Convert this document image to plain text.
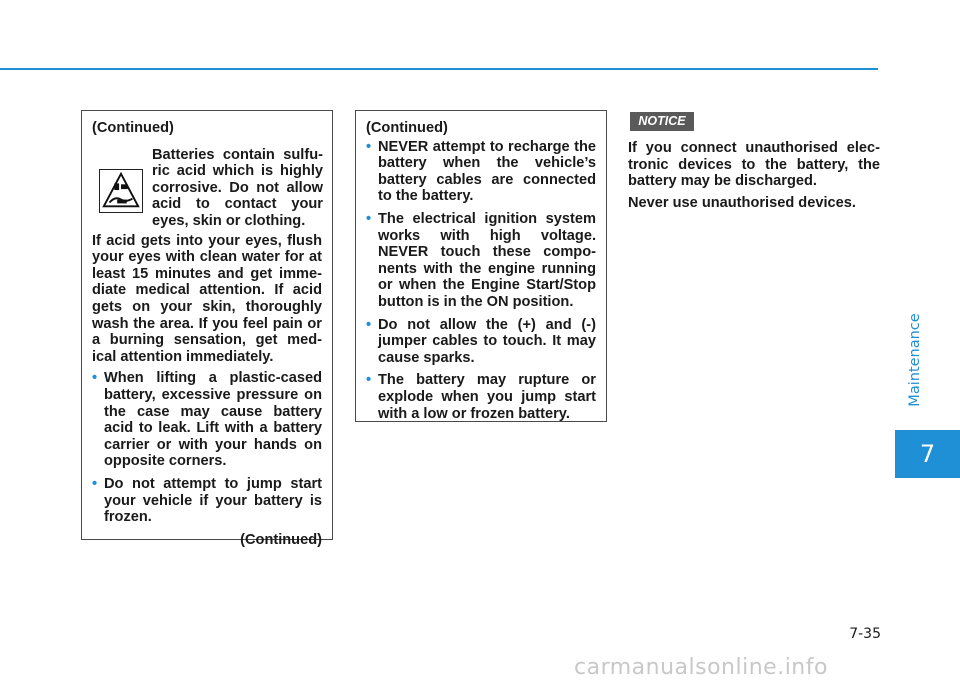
(Continued)
Batteries contain sulfu-ric acid which is highly corrosive. Do not allow acid to contact your eyes, skin or clothing.
If acid gets into your eyes, flush your eyes with clean water for at least 15 minutes and get imme-diate medical attention. If acid gets on your skin, thoroughly wash the area. If you feel pain or a burning sensation, get med-ical attention immediately.
• When lifting a plastic-cased battery, excessive pressure on the case may cause battery acid to leak. Lift with a battery carrier or with your hands on opposite corners.
• Do not attempt to jump start your vehicle if your battery is frozen.
(Continued)
(Continued)
• NEVER attempt to recharge the battery when the vehicle’s battery cables are connected to the battery.
• The electrical ignition system works with high voltage. NEVER touch these compo-nents with the engine running or when the Engine Start/Stop button is in the ON position.
• Do not allow the (+) and (-) jumper cables to touch. It may cause sparks.
• The battery may rupture or explode when you jump start with a low or frozen battery.
NOTICE

If you connect unauthorised elec-tronic devices to the battery, the battery may be discharged.

Never use unauthorised devices.

Maintenance
7
7-35
carmanualsonline.info
